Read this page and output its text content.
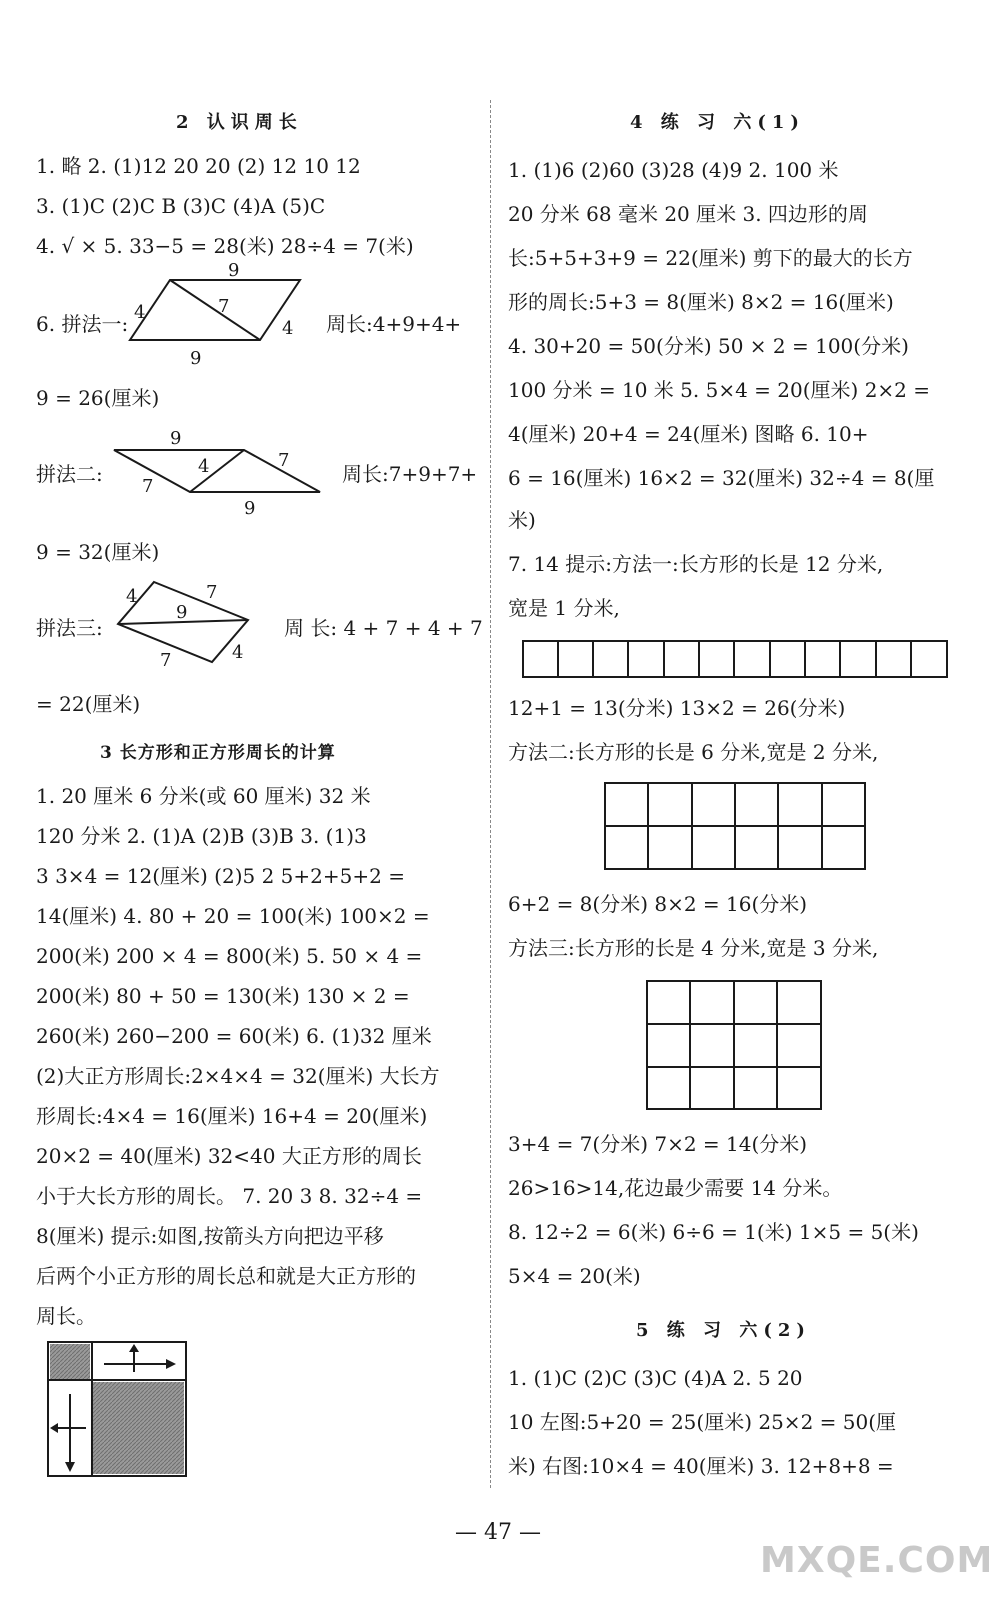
2 认识周长
1. 略 2. (1)12 20 20 (2) 12 10 12
3. (1)C (2)C B (3)C (4)A (5)C
4. √ × 5. 33−5 = 28(米) 28÷4 = 7(米)
9
4	7
4
9
6. 拼法一:	周长:4+9+4+
9 = 26(厘米)
9
4	7
7
9
拼法二:	周长:7+9+7+
9 = 32(厘米)
4	7
9
7	4
拼法三:	周 长: 4 + 7 + 4 + 7
= 22(厘米)
3 长方形和正方形周长的计算
1. 20 厘米 6 分米(或 60 厘米) 32 米
120 分米 2. (1)A (2)B (3)B 3. (1)3
3 3×4 = 12(厘米) (2)5 2 5+2+5+2 =
14(厘米) 4. 80 + 20 = 100(米) 100×2 =
200(米) 200 × 4 = 800(米) 5. 50 × 4 =
200(米) 80 + 50 = 130(米) 130 × 2 =
260(米) 260−200 = 60(米) 6. (1)32 厘米
(2)大正方形周长:2×4×4 = 32(厘米) 大长方
形周长:4×4 = 16(厘米) 16+4 = 20(厘米)
20×2 = 40(厘米) 32<40 大正方形的周长
小于大长方形的周长。 7. 20 3 8. 32÷4 =
8(厘米) 提示:如图,按箭头方向把边平移
后两个小正方形的周长总和就是大正方形的
周长。
4 练 习 六(1)
1. (1)6 (2)60 (3)28 (4)9 2. 100 米
20 分米 68 毫米 20 厘米 3. 四边形的周
长:5+5+3+9 = 22(厘米) 剪下的最大的长方
形的周长:5+3 = 8(厘米) 8×2 = 16(厘米)
4. 30+20 = 50(分米) 50 × 2 = 100(分米)
100 分米 = 10 米 5. 5×4 = 20(厘米) 2×2 =
4(厘米) 20+4 = 24(厘米) 图略 6. 10+
6 = 16(厘米) 16×2 = 32(厘米) 32÷4 = 8(厘
米)
7. 14 提示:方法一:长方形的长是 12 分米,
宽是 1 分米,
12+1 = 13(分米) 13×2 = 26(分米)
方法二:长方形的长是 6 分米,宽是 2 分米,
6+2 = 8(分米) 8×2 = 16(分米)
方法三:长方形的长是 4 分米,宽是 3 分米,
3+4 = 7(分米) 7×2 = 14(分米)
26>16>14,花边最少需要 14 分米。
8. 12÷2 = 6(米) 6÷6 = 1(米) 1×5 = 5(米)
5×4 = 20(米)
5 练 习 六(2)
1. (1)C (2)C (3)C (4)A 2. 5 20
10 左图:5+20 = 25(厘米) 25×2 = 50(厘
米) 右图:10×4 = 40(厘米) 3. 12+8+8 =
— 47 —
MXQE.COM
